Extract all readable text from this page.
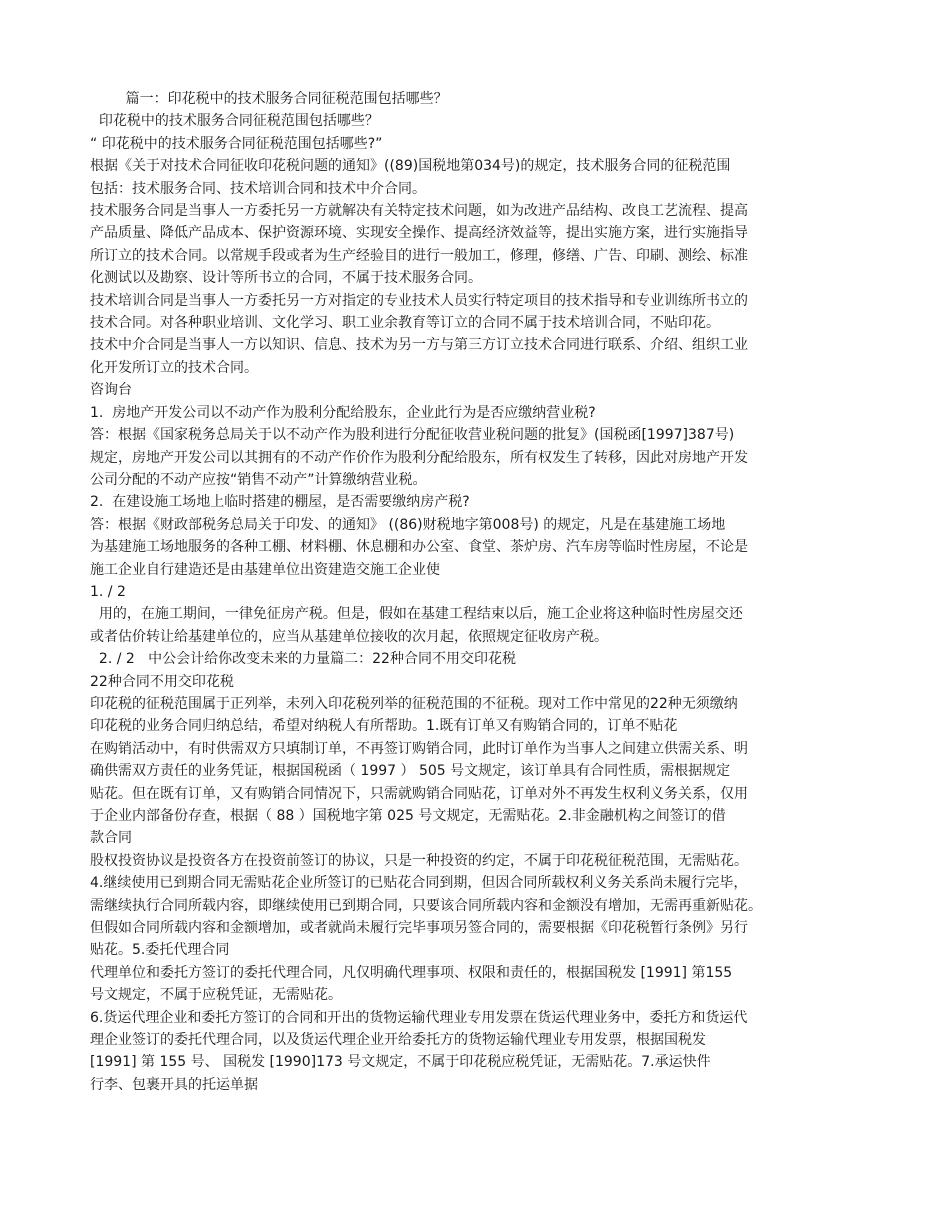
篇一：印花税中的技术服务合同征税范围包括哪些？

印花税中的技术服务合同征税范围包括哪些？

“ 印花税中的技术服务合同征税范围包括哪些?”

根据《关于对技术合同征收印花税问题的通知》((89)国税地第034号)的规定，技术服务合同的征税范围

包括：技术服务合同、技术培训合同和技术中介合同。

技术服务合同是当事人一方委托另一方就解决有关特定技术问题，如为改进产品结构、改良工艺流程、提高

产品质量、降低产品成本、保护资源环境、实现安全操作、提高经济效益等，提出实施方案，进行实施指导

所订立的技术合同。以常规手段或者为生产经验目的进行一般加工，修理，修缮、广告、印刷、测绘、标准

化测试以及勘察、设计等所书立的合同，不属于技术服务合同。

技术培训合同是当事人一方委托另一方对指定的专业技术人员实行特定项目的技术指导和专业训练所书立的

技术合同。对各种职业培训、文化学习、职工业余教育等订立的合同不属于技术培训合同，不贴印花。

技术中介合同是当事人一方以知识、信息、技术为另一方与第三方订立技术合同进行联系、介绍、组织工业

化开发所订立的技术合同。

咨询台

1.  房地产开发公司以不动产作为股利分配给股东，企业此行为是否应缴纳营业税?

答：根据《国家税务总局关于以不动产作为股利进行分配征收营业税问题的批复》(国税函[1997]387号)

规定，房地产开发公司以其拥有的不动产作价作为股利分配给股东，所有权发生了转移，因此对房地产开发

公司分配的不动产应按“销售不动产”计算缴纳营业税。

2.  在建设施工场地上临时搭建的棚屋，是否需要缴纳房产税?

答：根据《财政部税务总局关于印发、的通知》 ((86)财税地字第008号) 的规定，凡是在基建施工场地

为基建施工场地服务的各种工棚、材料棚、休息棚和办公室、食堂、茶炉房、汽车房等临时性房屋，不论是

施工企业自行建造还是由基建单位出资建造交施工企业使

1. / 2

用的，在施工期间，一律免征房产税。但是，假如在基建工程结束以后，施工企业将这种临时性房屋交还

或者估价转让给基建单位的，应当从基建单位接收的次月起，依照规定征收房产税。

2. / 2   中公会计给你改变未来的力量篇二：22种合同不用交印花税

22种合同不用交印花税

印花税的征税范围属于正列举，未列入印花税列举的征税范围的不征税。现对工作中常见的22种无须缴纳

印花税的业务合同归纳总结，希望对纳税人有所帮助。1.既有订单又有购销合同的，订单不贴花

在购销活动中，有时供需双方只填制订单，不再签订购销合同，此时订单作为当事人之间建立供需关系、明

确供需双方责任的业务凭证，根据国税函（ 1997 ） 505 号文规定，该订单具有合同性质，需根据规定

贴花。但在既有订单，又有购销合同情况下，只需就购销合同贴花，订单对外不再发生权利义务关系，仅用

于企业内部备份存查，根据（ 88 ）国税地字第 025 号文规定，无需贴花。2.非金融机构之间签订的借

款合同

股权投资协议是投资各方在投资前签订的协议，只是一种投资的约定，不属于印花税征税范围，无需贴花。

4.继续使用已到期合同无需贴花企业所签订的已贴花合同到期，但因合同所载权利义务关系尚未履行完毕，

需继续执行合同所载内容，即继续使用已到期合同，只要该合同所载内容和金额没有增加，无需再重新贴花。

但假如合同所载内容和金额增加，或者就尚未履行完毕事项另签合同的，需要根据《印花税暂行条例》另行

贴花。5.委托代理合同

代理单位和委托方签订的委托代理合同，凡仅明确代理事项、权限和责任的，根据国税发 [1991] 第155

号文规定，不属于应税凭证，无需贴花。

6.货运代理企业和委托方签订的合同和开出的货物运输代理业专用发票在货运代理业务中，委托方和货运代

理企业签订的委托代理合同，以及货运代理企业开给委托方的货物运输代理业专用发票，根据国税发

[1991] 第 155 号、 国税发 [1990]173 号文规定，不属于印花税应税凭证，无需贴花。7.承运快件

行李、包裹开具的托运单据
